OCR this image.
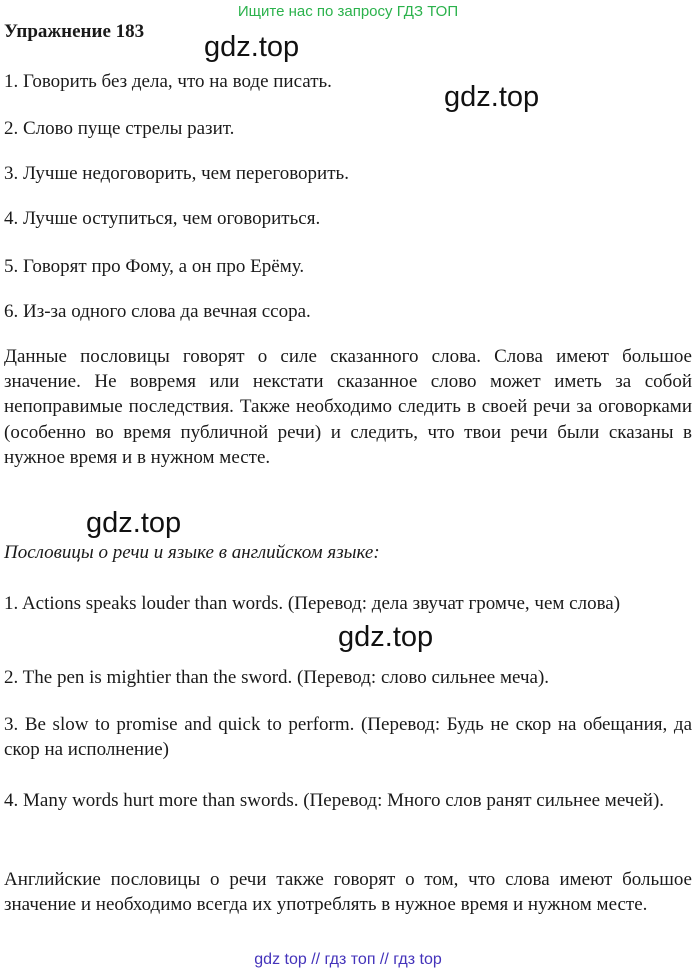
Ищите нас по запросу ГДЗ ТОП
Упражнение 183 gdz.top
gdz.top
1. Говорить без дела, что на воде писать.
2. Слово пуще стрелы разит.
3. Лучше недоговорить, чем переговорить.
4. Лучше оступиться, чем оговориться.
5. Говорят про Фому, а он про Ерёму.
6. Из-за одного слова да вечная ссора.
Данные пословицы говорят о силе сказанного слова. Слова имеют большое значение. Не вовремя или некстати сказанное слово может иметь за собой непоправимые последствия. Также необходимо следить в своей речи за оговорками (особенно во время публичной речи) и следить, что твои речи были сказаны в нужное время и в нужном месте.
gdz.top
Пословицы о речи и языке в английском языке:
1. Actions speaks louder than words. (Перевод: дела звучат громче, чем слова)
gdz.top
2. The pen is mightier than the sword. (Перевод: слово сильнее меча).
3. Be slow to promise and quick to perform. (Перевод: Будь не скор на обещания, да скор на исполнение)
4. Many words hurt more than swords. (Перевод: Много слов ранят сильнее мечей).
Английские пословицы о речи также говорят о том, что слова имеют большое значение и необходимо всегда их употреблять в нужное время и нужном месте.
gdz top // гдз топ // гдз top
